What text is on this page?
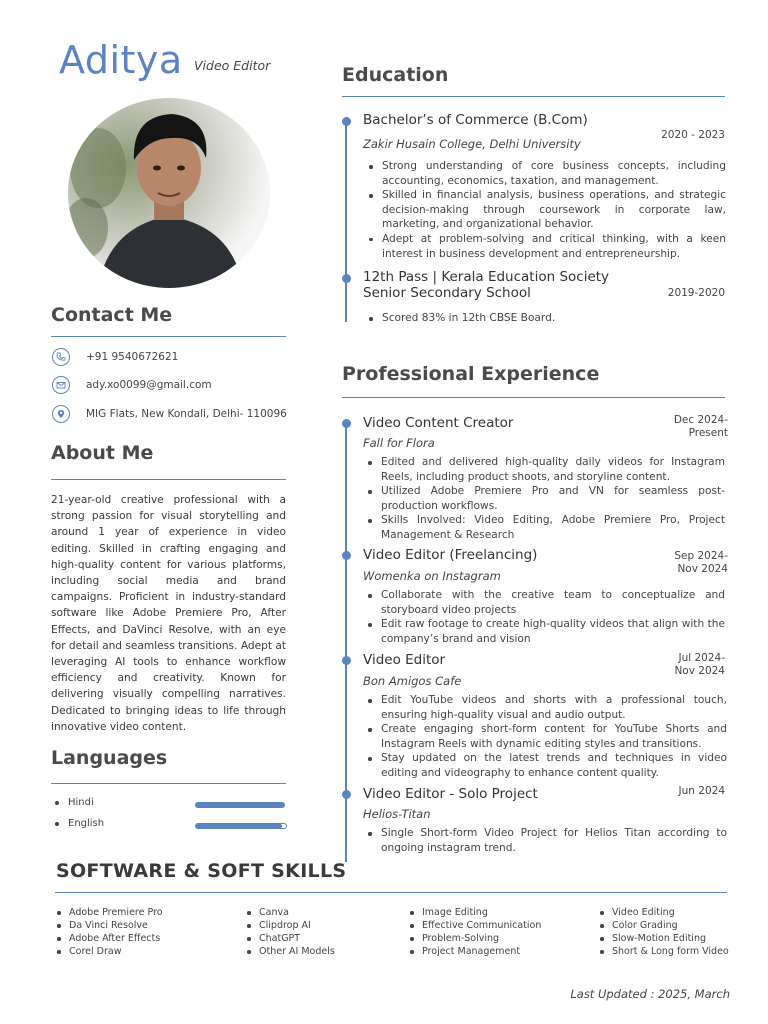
Aditya Video Editor
Contact Me
+91 9540672621
ady.xo0099@gmail.com
MIG Flats, New Kondali, Delhi- 110096
About Me
21-year-old creative professional with a strong passion for visual storytelling and around 1 year of experience in video editing. Skilled in crafting engaging and high-quality content for various platforms, including social media and brand campaigns. Proficient in industry-standard software like Adobe Premiere Pro, After Effects, and DaVinci Resolve, with an eye for detail and seamless transitions. Adept at leveraging AI tools to enhance workflow efficiency and creativity. Known for delivering visually compelling narratives. Dedicated to bringing ideas to life through innovative video content.
Languages
Hindi
English
Education
Bachelor’s of Commerce (B.Com)
Zakir Husain College, Delhi University
2020 - 2023
Strong understanding of core business concepts, including accounting, economics, taxation, and management.
Skilled in financial analysis, business operations, and strategic decision-making through coursework in corporate law, marketing, and organizational behavior.
Adept at problem-solving and critical thinking, with a keen interest in business development and entrepreneurship.
12th Pass | Kerala Education Society
Senior Secondary School	2019-2020
Scored 83% in 12th CBSE Board.
Professional Experience
Video Content Creator
Fall for Flora
Dec 2024-
Present
Edited and delivered high-quality daily videos for Instagram Reels, including product shoots, and storyline content.
Utilized Adobe Premiere Pro and VN for seamless post-production workflows.
Skills Involved: Video Editing, Adobe Premiere Pro, Project Management & Research
Video Editor (Freelancing)
Womenka on Instagram
Sep 2024-
Nov 2024
Collaborate with the creative team to conceptualize and storyboard video projects
Edit raw footage to create high-quality videos that align with the company’s brand and vision
Video Editor
Bon Amigos Cafe
Jul 2024-
Nov 2024
Edit YouTube videos and shorts with a professional touch, ensuring high-quality visual and audio output.
Create engaging short-form content for YouTube Shorts and Instagram Reels with dynamic editing styles and transitions.
Stay updated on the latest trends and techniques in video editing and videography to enhance content quality.
Video Editor - Solo Project
Helios-Titan
Jun 2024
Single Short-form Video Project for Helios Titan according to ongoing instagram trend.
SOFTWARE & SOFT SKILLS
Adobe Premiere Pro
Da Vinci Resolve
Adobe After Effects
Corel Draw
Canva
Clipdrop AI
ChatGPT
Other AI Models
Image Editing
Effective Communication
Problem-Solving
Project Management
Video Editing
Color Grading
Slow-Motion Editing
Short & Long form Video
Last Updated : 2025, March
